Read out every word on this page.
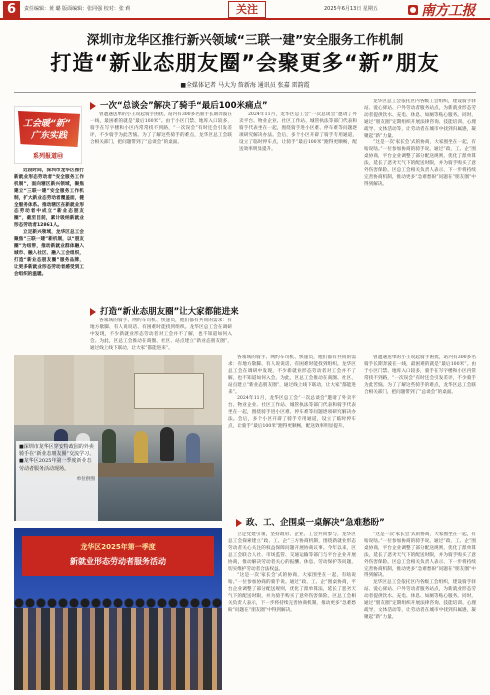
6	责任编辑：黄 璐 版面编辑：张同强 校对：张 莉	关注	2025年6月13日 星期五	南方工报
深圳市龙华区推行新兴领域“三联一建”安全服务工作机制
打造“新业态朋友圈”会聚更多“新”朋友
■全媒体记者 马大为 詹新海 通讯员 张嘉 雷韵霞
工会暖“新”
广东实践
系列报道㊸

近段时间，深圳市龙华区推行新就业形态劳动者“安全服务工作机制”，面向辖区新兴领域，聚焦建立“三联一建”安全服务工作机制，扩大新业态劳动者覆盖面，健全服务体系。推动辖区在新就业形态劳动者中成立“新业态朋友圈”，截至目前，累计吸纳新就业形态劳动者12861人。

立足新兴领域，龙华区总工会聚焦“三联一建”新机制，以“朋友圈”为纽带，推动新就业群体融入城市、融入社区、融入工会组织，打造“新业态朋友圈”服务品牌，让更多新就业形态劳动者感受到工会组织的温暖。

一次“总谈会”解决了骑手“最后100米痛点”

曾遭遇送单的小王说起骑手困扰，站内有300多名骑手长期奔波在一线，最困难的就是“最后100米”。由于小区门禁、地库入口较多，骑手在写字楼和小区内常常找不到路，“一次误会”有时还会引发差评，不少骑手为此苦恼。为了了解这些骑手的难点，龙华区总工会联合相关部门，把问题带到了“总谈会”的桌面。

2024年11月，龙华区总工会“一次总谈会”邀请了外卖平台、物业企业、社区工作站、城管执法等部门代表和骑手代表坐在一起，围绕骑手进小区难、停车难等问题逐项研究解决办法。会后，多个小区开辟了骑手专用通道，设立了临时停车点，让骑手“最后100米”跑得更顺畅，配送效率明显提升。

龙华区总工会依托区内各级工会组织，建设骑手驿站、爱心驿站、户外劳动者服务站点，为新就业形态劳动者提供饮水、充电、休息、如厕等贴心服务。同时，通过“朋友圈”定期组织开展法律咨询、技能培训、心理疏导、文体活动等，让劳动者在城市中找到归属感，凝聚起“新”力量。

“这是一次‘家长会’式的协商，大家围坐在一起，有啥说啥。”一位参加协商的骑手说。通过“政、工、企”围桌协商，平台企业调整了部分配送规则，优化了派单算法，延长了恶劣天气下的配送时限，并为骑手购买了意外伤害保险。区总工会相关负责人表示，下一步将持续完善协商机制，推动更多“急难愁盼”问题在“朋友圈”中得到解决。

打造“新业态朋友圈”让大家都能进来

各领域的骑手、网约车司机、快递员，他们都有共同的需求：有地方歇脚、有人说说话、有困难时能找到组织。龙华区总工会在调研中发现，不少新就业形态劳动者对工会并不了解，也不知道如何入会。为此，区总工会推动在商圈、社区、站点建立“新业态朋友圈”，通过线上线下联动，让大家“都能进来”。

各领域的骑手、网约车司机、快递员，他们都有共同的需求：有地方歇脚、有人说说话、有困难时能找到组织。龙华区总工会在调研中发现，不少新就业形态劳动者对工会并不了解，也不知道如何入会。为此，区总工会推动在商圈、社区、站点建立“新业态朋友圈”，通过线上线下联动，让大家“都能进来”。

2024年11月，龙华区总工会“一次总谈会”邀请了外卖平台、物业企业、社区工作站、城管执法等部门代表和骑手代表坐在一起，围绕骑手进小区难、停车难等问题逐项研究解决办法。会后，多个小区开辟了骑手专用通道，设立了临时停车点，让骑手“最后100米”跑得更顺畅，配送效率明显提升。

曾遭遇送单的小王说起骑手困扰，站内有300多名骑手长期奔波在一线，最困难的就是“最后100米”。由于小区门禁、地库入口较多，骑手在写字楼和小区内常常找不到路，“一次误会”有时还会引发差评，不少骑手为此苦恼。为了了解这些骑手的难点，龙华区总工会联合相关部门，把问题带到了“总谈会”的桌面。

■深圳市龙华区穿安特政园的外卖骑手在“新业态朋友圈”交流学习。
■龙华区2025年第一季度新业态劳动者服务活动现场。
单位供图
政、工、企围桌一桌解决“急难愁盼”

立足党建引领，坚持政府、企业、工会共同参与，龙华区总工会探索建立“政、工、企”三方协商机制，围绕新就业形态劳动者关心关注的权益保障问题开展协商议事。今年以来，区总工会联合人社、市场监管、交通运输等部门与平台企业开展协商，推动解决劳动者关心的报酬、休息、劳动保护等问题，切实维护劳动者合法权益。

“这是一次‘家长会’式的协商，大家围坐在一起，有啥说啥。”一位参加协商的骑手说。通过“政、工、企”围桌协商，平台企业调整了部分配送规则，优化了派单算法，延长了恶劣天气下的配送时限，并为骑手购买了意外伤害保险。区总工会相关负责人表示，下一步将持续完善协商机制，推动更多“急难愁盼”问题在“朋友圈”中得到解决。

“这是一次‘家长会’式的协商，大家围坐在一起，有啥说啥。”一位参加协商的骑手说。通过“政、工、企”围桌协商，平台企业调整了部分配送规则，优化了派单算法，延长了恶劣天气下的配送时限，并为骑手购买了意外伤害保险。区总工会相关负责人表示，下一步将持续完善协商机制，推动更多“急难愁盼”问题在“朋友圈”中得到解决。

龙华区总工会依托区内各级工会组织，建设骑手驿站、爱心驿站、户外劳动者服务站点，为新就业形态劳动者提供饮水、充电、休息、如厕等贴心服务。同时，通过“朋友圈”定期组织开展法律咨询、技能培训、心理疏导、文体活动等，让劳动者在城市中找到归属感，凝聚起“新”力量。

龙华区2025年第一季度
新就业形态劳动者服务活动
